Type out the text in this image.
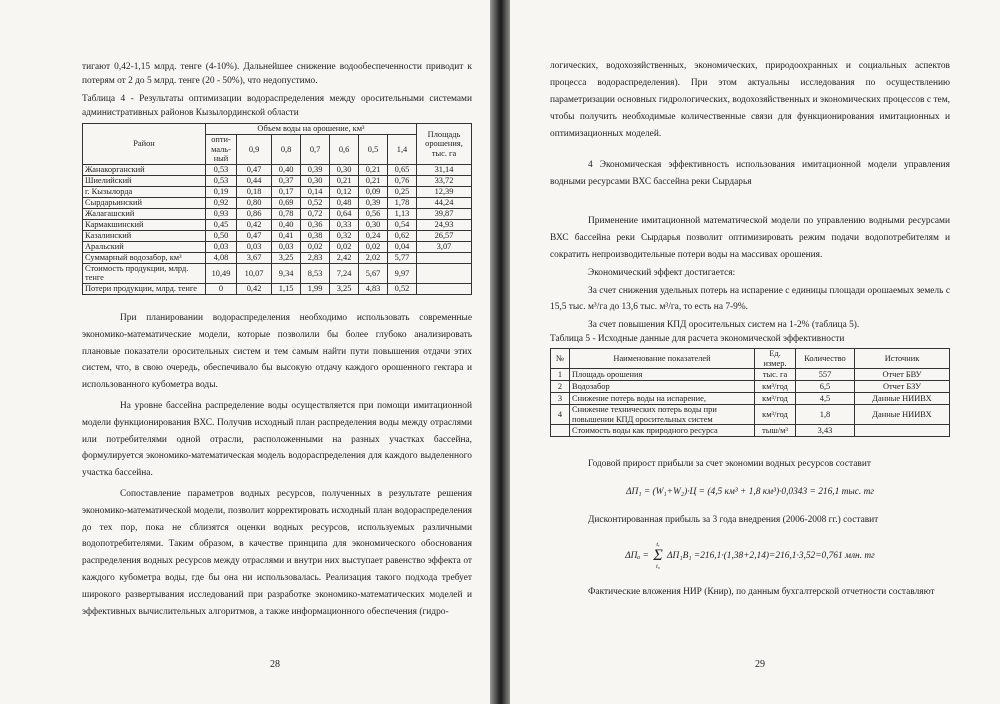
тигают 0,42-1,15 млрд. тенге (4-10%). Дальнейшее снижение водообеспеченности приводит к потерям от 2 до 5 млрд. тенге (20 - 50%), что недопустимо.

Таблица 4 - Результаты оптимизации водораспределения между оросительными системами административных районов Кызылординской области

Район	Объем воды на орошение, км³							Площадь орошения, тыс. га
	опти-маль-ный	0,9	0,8	0,7	0,6	0,5	1,4	
Жанакорганский	0,53	0,47	0,40	0,39	0,30	0,21	0,65	31,14
Шиелийский	0,53	0,44	0,37	0,30	0,21	0,21	0,76	33,72
г. Кызылорда	0,19	0,18	0,17	0,14	0,12	0,09	0,25	12,39
Сырдарьинский	0,92	0,80	0,69	0,52	0,48	0,39	1,78	44,24
Жалагашский	0,93	0,86	0,78	0,72	0,64	0,56	1,13	39,87
Кармакшинский	0,45	0,42	0,40	0,36	0,33	0,30	0,54	24,93
Казалинский	0,50	0,47	0,41	0,38	0,32	0,24	0,62	26,57
Аральский	0,03	0,03	0,03	0,02	0,02	0,02	0,04	3,07
Суммарный водозабор, км³	4,08	3,67	3,25	2,83	2,42	2,02	5,77	
Стоимость продукции, млрд. тенге	10,49	10,07	9,34	8,53	7,24	5,67	9,97	
Потери продукции, млрд. тенге	0	0,42	1,15	1,99	3,25	4,83	0,52	

При планировании водораспределения необходимо использовать современные экономико-математические модели, которые позволили бы более глубоко анализировать плановые показатели оросительных систем и тем самым найти пути повышения отдачи этих систем, что, в свою очередь, обеспечивало бы высокую отдачу каждого орошенного гектара и использованного кубометра воды.

На уровне бассейна распределение воды осуществляется при помощи имитационной модели функционирования ВХС. Получив исходный план распределения воды между отраслями или потребителями одной отрасли, расположенными на разных участках бассейна, формулируется экономико-математическая модель водораспределения для каждого выделенного участка бассейна.

Сопоставление параметров водных ресурсов, полученных в результате решения экономико-математической модели, позволит корректировать исходный план водораспределения до тех пор, пока не сблизятся оценки водных ресурсов, используемых различными водопотребителями. Таким образом, в качестве принципа для экономического обоснования распределения водных ресурсов между отраслями и внутри них выступает равенство эффекта от каждого кубометра воды, где бы она ни использовалась. Реализация такого подхода требует широкого развертывания исследований при разработке экономико-математических моделей и эффективных вычислительных алгоритмов, а также информационного обеспечения (гидро-

28

логических, водохозяйственных, экономических, природоохранных и социальных аспектов процесса водораспределения). При этом актуальны исследования по осуществлению параметризации основных гидрологических, водохозяйственных и экономических процессов с тем, чтобы получить необходимые количественные связи для функционирования имитационных и оптимизационных моделей.

4 Экономическая эффективность использования имитационной модели управления водными ресурсами ВХС бассейна реки Сырдарья

Применение имитационной математической модели по управлению водными ресурсами ВХС бассейна реки Сырдарья позволит оптимизировать режим подачи водопотребителям и сократить непроизводительные потери воды на массивах орошения.

Экономический эффект достигается:

За счет снижения удельных потерь на испарение с единицы площади орошаемых земель с 15,5 тыс. м³/га до 13,6 тыс. м³/га, то есть на 7-9%.

За счет повышения КПД оросительных систем на 1-2% (таблица 5).

Таблица 5 - Исходные данные для расчета экономической эффективности

№	Наименование показателей	Ед. измер.	Количество	Источник
1	Площадь орошения	тыс. га	557	Отчет БВУ
2	Водозабор	км³/год	6,5	Отчет БЗУ
3	Снижение потерь воды на испарение,	км³/год	4,5	Данные НИИВХ
4	Снижение технических потерь воды при повышении КПД оросительных систем	км³/год	1,8	Данные НИИВХ
	Стоимость воды как природного ресурса	тыш/м³	3,43	

Годовой прирост прибыли за счет экономии водных ресурсов составит

ΔП₁ = (W₁+W₂)·Ц = (4,5 км³ + 1,8 км³)·0,0343 = 216,1 тыс. тг

Дисконтированная прибыль за 3 года внедрения (2006-2008 гг.) составит

ΔПₐ =
tₑ
Σ
t₀
ΔП₁B₁ =216,1·(1,38+2,14)=216,1·3,52=0,761 млн. тг

Фактические вложения НИР (Книр), по данным бухгалтерской отчетности составляют

29
